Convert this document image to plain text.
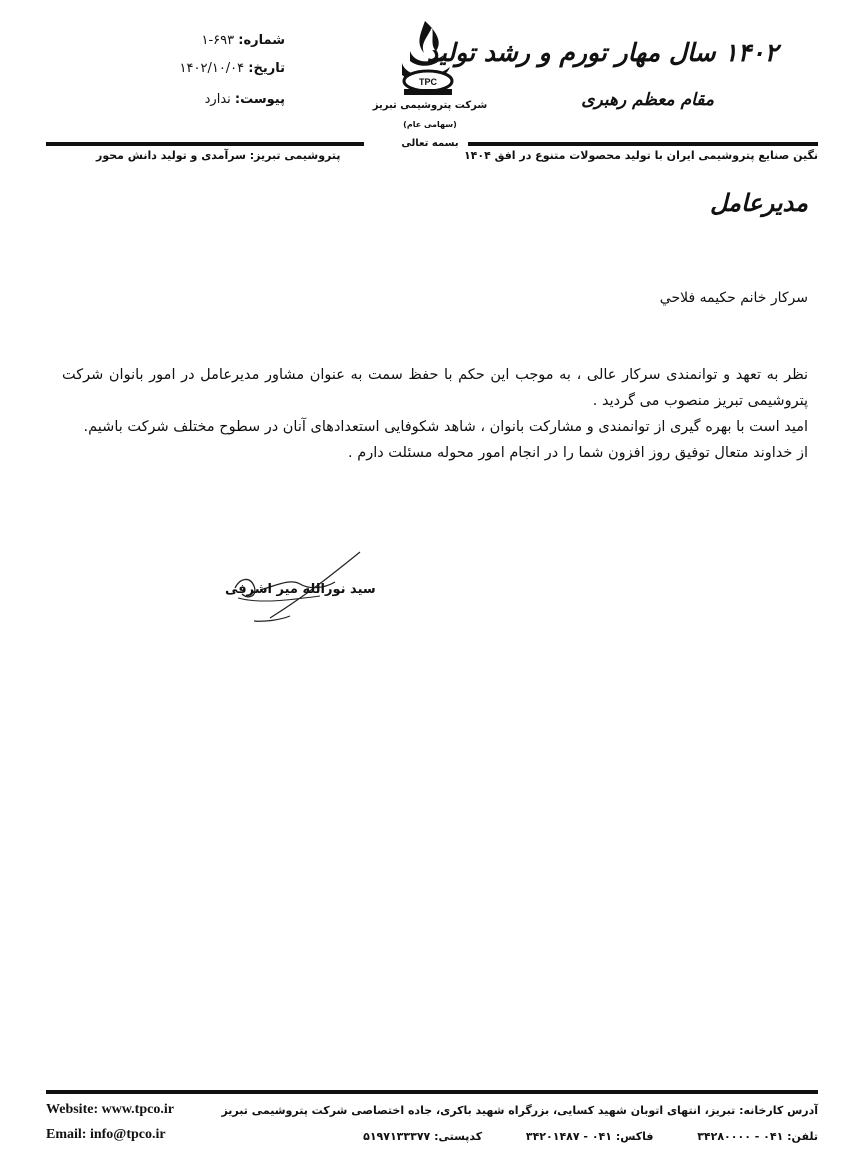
شماره: ۶۹۳-۱
تاریخ: ۱۴۰۲/۱۰/۰۴
پیوست: ندارد
TPC
شرکت پتروشیمی تبریز
(سهامی عام)
بسمه تعالی
۱۴۰۲ سال مهار تورم و رشد تولید
مقام معظم رهبری
پتروشیمی تبریز: سرآمدی و تولید دانش محور	نگین صنایع پتروشیمی ایران با تولید محصولات متنوع در افق ۱۴۰۴
مدیرعامل
سرکار خانم حکیمه فلاحي

نظر به تعهد و توانمندی سرکار عالی ، به موجب این حکم با حفظ سمت به عنوان مشاور مدیرعامل در امور بانوان شرکت پتروشیمی تبریز منصوب می گردید .

امید است با بهره گیری از توانمندی و مشارکت بانوان ، شاهد شکوفایی استعدادهای آنان در سطوح مختلف شرکت باشیم.

از خداوند متعال توفیق روز افزون شما را در انجام امور محوله مسئلت دارم .

سید نورالله میر اشرفی
Website: www.tpco.ir
Email: info@tpco.ir
آدرس کارخانه: تبریز، انتهای اتوبان شهید کسایی، بزرگراه شهید باکری، جاده اختصاصی شرکت پتروشیمی تبریز
تلفن: ۰۴۱ - ۳۴۲۸۰۰۰۰  فاکس: ۰۴۱ - ۳۴۲۰۱۴۸۷  کدپستی: ۵۱۹۷۱۳۳۳۷۷
